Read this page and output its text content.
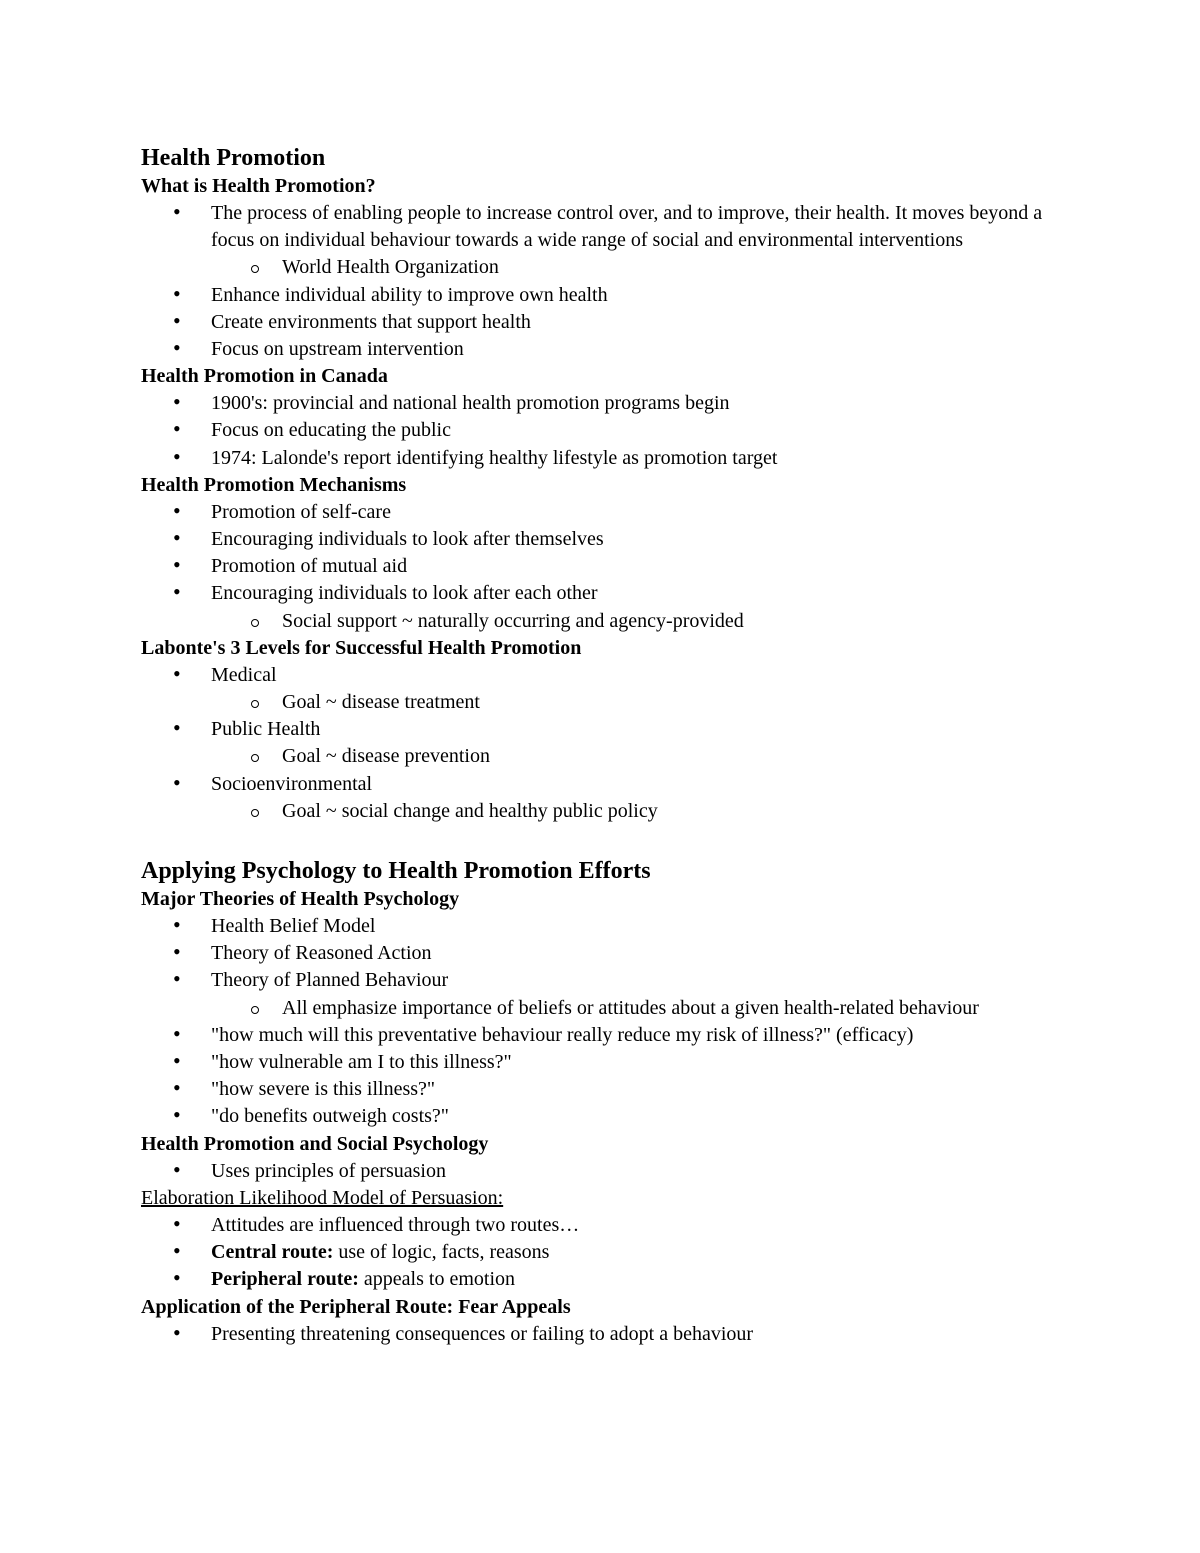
Health Promotion
What is Health Promotion?
• The process of enabling people to increase control over, and to improve, their health. It moves beyond a focus on individual behaviour towards a wide range of social and environmental interventions
World Health Organization
• Enhance individual ability to improve own health
• Create environments that support health
• Focus on upstream intervention
Health Promotion in Canada
• 1900's: provincial and national health promotion programs begin
• Focus on educating the public
• 1974: Lalonde's report identifying healthy lifestyle as promotion target
Health Promotion Mechanisms
• Promotion of self-care
• Encouraging individuals to look after themselves
• Promotion of mutual aid
• Encouraging individuals to look after each other
Social support ~ naturally occurring and agency-provided
Labonte's 3 Levels for Successful Health Promotion
• Medical
Goal ~ disease treatment
• Public Health
Goal ~ disease prevention
• Socioenvironmental
Goal ~ social change and healthy public policy
Applying Psychology to Health Promotion Efforts
Major Theories of Health Psychology
• Health Belief Model
• Theory of Reasoned Action
• Theory of Planned Behaviour
All emphasize importance of beliefs or attitudes about a given health-related behaviour
• "how much will this preventative behaviour really reduce my risk of illness?" (efficacy)
• "how vulnerable am I to this illness?"
• "how severe is this illness?"
• "do benefits outweigh costs?"
Health Promotion and Social Psychology
• Uses principles of persuasion
Elaboration Likelihood Model of Persuasion:
• Attitudes are influenced through two routes…
• Central route: use of logic, facts, reasons
• Peripheral route: appeals to emotion
Application of the Peripheral Route: Fear Appeals
• Presenting threatening consequences or failing to adopt a behaviour
